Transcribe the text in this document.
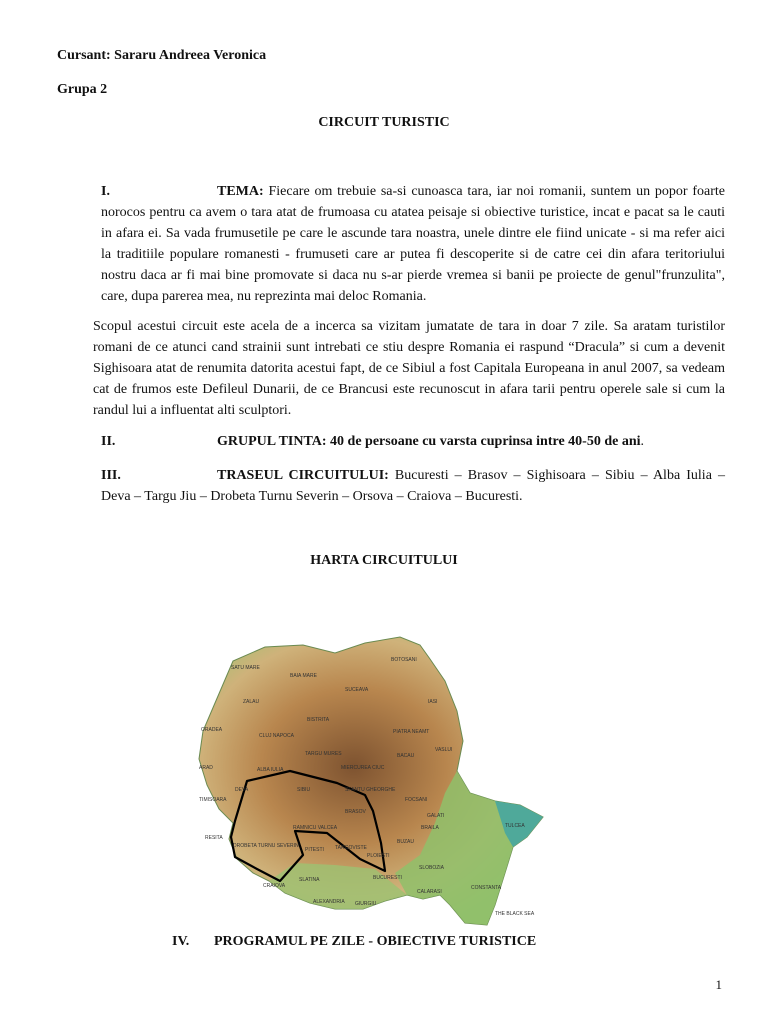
Cursant: Sararu Andreea Veronica
Grupa 2
CIRCUIT TURISTIC

I.	TEMA: Fiecare om trebuie sa-si cunoasca tara, iar noi romanii, suntem un popor foarte norocos pentru ca avem o tara atat de frumoasa cu atatea peisaje si obiective turistice, incat e pacat sa le cauti in afara ei. Sa vada frumusetile pe care le ascunde tara noastra, unele dintre ele fiind unicate - si ma refer aici la traditiile populare romanesti - frumuseti care ar putea fi descoperite si de catre cei din afara teritoriului nostru daca ar fi mai bine promovate si daca nu s-ar pierde vremea si banii pe proiecte de genul"frunzulita", care, dupa parerea mea, nu reprezinta mai deloc Romania.

Scopul acestui circuit este acela de a incerca sa vizitam jumatate de tara in doar 7 zile. Sa aratam turistilor romani de ce atunci cand strainii sunt intrebati ce stiu despre Romania ei raspund “Dracula” si cum a devenit Sighisoara atat de renumita datorita acestui fapt, de ce Sibiul a fost Capitala Europeana in anul 2007, sa vedeam cat de frumos este Defileul Dunarii, de ce Brancusi este recunoscut in afara tarii pentru operele sale si cum la randul lui a influentat alti sculptori.

II.	GRUPUL TINTA: 40 de persoane cu varsta cuprinsa intre 40-50 de ani.

III.	TRASEUL CIRCUITULUI: Bucuresti – Brasov – Sighisoara – Sibiu – Alba Iulia – Deva – Targu Jiu – Drobeta Turnu Severin – Orsova – Craiova – Bucuresti.

HARTA CIRCUITULUI
SATU MARE
BAIA MARE
SUCEAVA
BOTOSANI
ZALAU
BISTRITA
IASI
ORADEA
CLUJ NAPOCA
PIATRA NEAMT
BACAU
VASLUI
TARGU MURES
MIERCUREA CIUC
ARAD	ALBA IULIA
SIBIU	SFANTU GHEORGHE
TIMISOARA
DEVA
BRASOV
FOCSANI
GALATI
BRAILA
RESITA
RAMNICU VALCEA
BUZAU
TULCEA
DROBETA TURNU SEVERIN
PITESTI TARGOVISTE
PLOIESTI
SLOBOZIA
BUCURESTI
CALARASI
CONSTANTA
CRAIOVA
SLATINA
ALEXANDRIA GIURGIU
THE BLACK SEA

IV. PROGRAMUL PE ZILE - OBIECTIVE TURISTICE

1
